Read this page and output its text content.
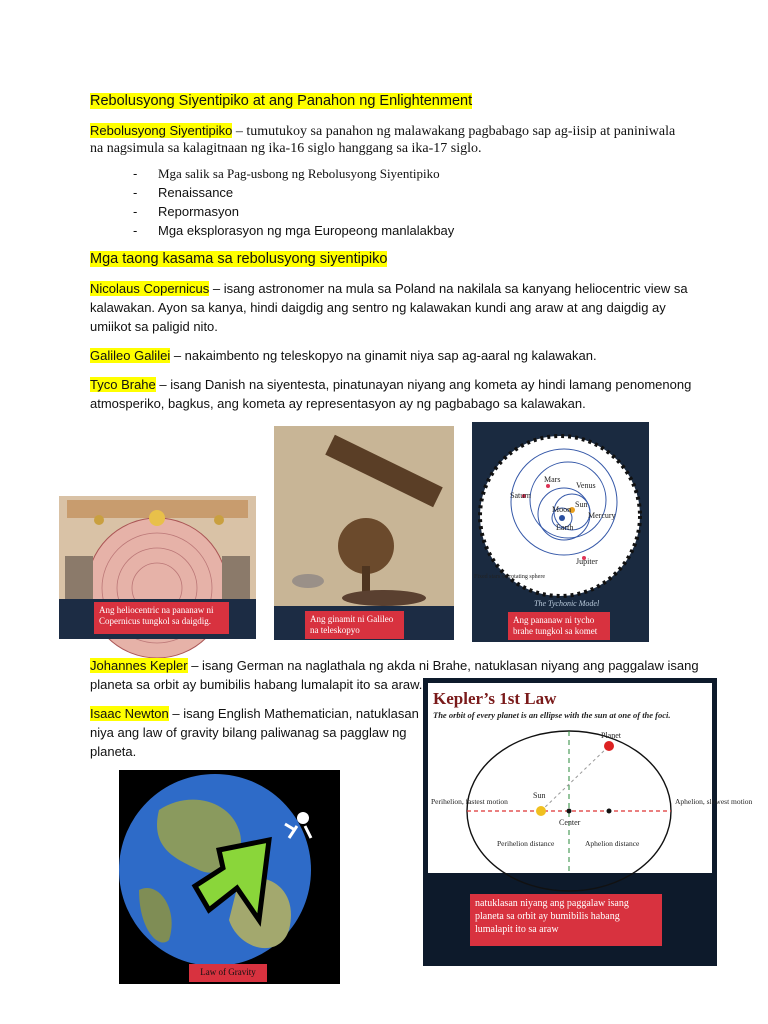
Rebolusyong Siyentipiko at ang Panahon ng Enlightenment
Rebolusyong Siyentipiko – tumutukoy sa panahon ng malawakang pagbabago sap ag-iisip at paniniwala
na nagsimula sa kalagitnaan ng ika-16 siglo hanggang sa ika-17 siglo.
- Mga salik sa Pag-usbong ng Rebolusyong Siyentipiko
- Renaissance
- Repormasyon
- Mga eksplorasyon ng mga Europeong manlalakbay
Mga taong kasama sa rebolusyong siyentipiko
Nicolaus Copernicus – isang astronomer na mula sa Poland na nakilala sa kanyang heliocentric view sa
kalawakan. Ayon sa kanya, hindi daigdig ang sentro ng kalawakan kundi ang araw at ang daigdig ay
umiikot sa paligid nito.
Galileo Galilei – nakaimbento ng teleskopyo na ginamit niya sap ag-aaral ng kalawakan.
Tyco Brahe – isang Danish na siyentesta, pinatunayan niyang ang kometa ay hindi lamang penomenong
atmosperiko, bagkus, ang kometa ay representasyon ay ng pagbabago sa kalawakan.
Ang heliocentric na pananaw ni Copernicus tungkol sa daigdig.	Ang ginamit ni Galileo na teleskopyo
Saturn
Mars
Venus
Moon
Earth
Mercury
Sun
Jupiter
Fixed stars on rotating sphere
The Tychonic Model
Ang pananaw ni tycho brahe tungkol sa komet
Johannes Kepler – isang German na naglathala ng akda ni Brahe, natuklasan niyang ang paggalaw isang
planeta sa orbit ay bumibilis habang lumalapit ito sa araw.
Isaac Newton – isang English Mathematician, natuklasan
niya ang law of gravity bilang paliwanag sa pagglaw ng
planeta.
Kepler’s 1st Law
The orbit of every planet is an ellipse with the sun at one of the foci.
Planet
Sun
Center
Perihelion, fastest motion	Aphelion, slowest motion
Perihelion distance	Aphelion distance
natuklasan niyang ang paggalaw isang planeta sa orbit ay bumibilis habang lumalapit ito sa araw
Law of Gravity
